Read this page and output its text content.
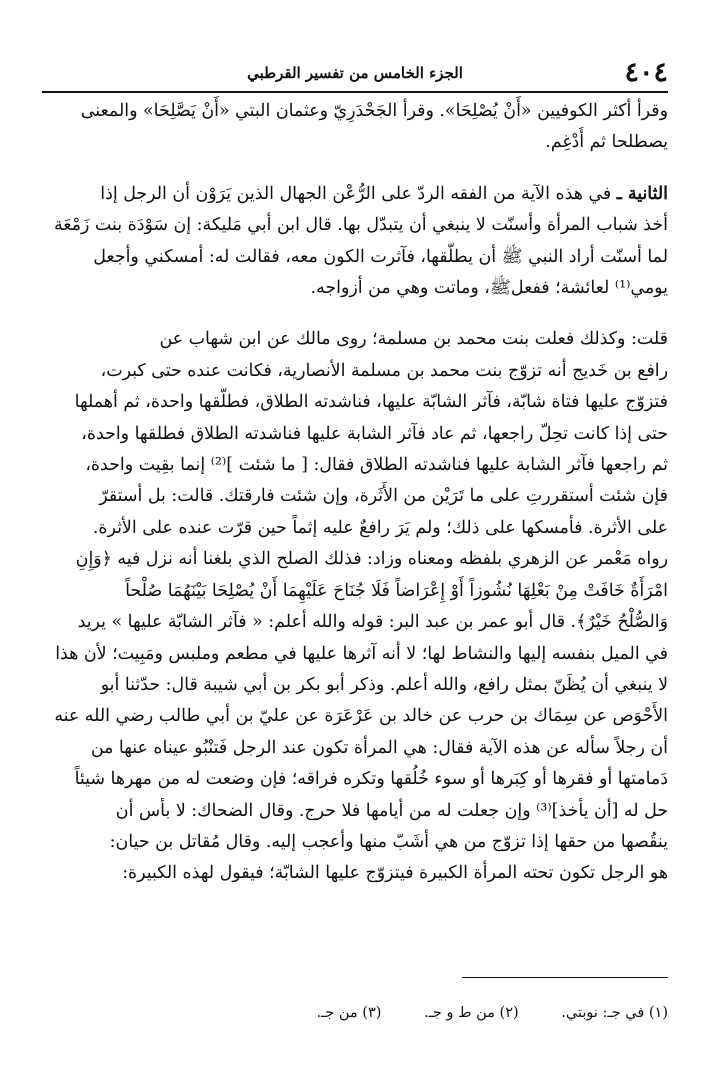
٤٠٤
الجزء الخامس من تفسير القرطبي
وقرأ أكثر الكوفيين «أَنْ يُصْلِحَا». وقرأ الجَحْدَرِيّ وعثمان البتي «أَنْ يَصَّلِحَا» والمعنى
يصطلحا ثم أُدْغِم.
الثانية ـ في هذه الآية من الفقه الردّ على الرُّعْن الجهال الذين يَرَوْن أن الرجل إذا
أخذ شباب المرأة وأسنّت لا ينبغي أن يتبدّل بها. قال ابن أبي مَليكة: إن سَوْدَة بنت زَمْعَة
لما أسنّت أراد النبي ﷺ أن يطلّقها، فآثرت الكون معه، فقالت له: أمسكني وأجعل
يومي⁽¹⁾ لعائشة؛ ففعلﷺ، وماتت وهي من أزواجه.
قلت: وكذلك فعلت بنت محمد بن مسلمة؛ روى مالك عن ابن شهاب عن
رافع بن خَديج أنه تزوّج بنت محمد بن مسلمة الأنصارية، فكانت عنده حتى كبرت،
فتزوّج عليها فتاة شابّة، فآثر الشابّة عليها، فناشدته الطلاق، فطلّقها واحدة، ثم أهملها
حتى إذا كانت تحِلّ راجعها، ثم عاد فآثر الشابة عليها فناشدته الطلاق فطلقها واحدة،
ثم راجعها فآثر الشابة عليها فناشدته الطلاق فقال: [ ما شئت ]⁽²⁾ إنما بقِيت واحدة،
فإن شئت أستقررتِ على ما تَرَيْن من الأَثَرة، وإن شئت فارقتك. قالت: بل أستقرّ
على الأثرة. فأمسكها على ذلك؛ ولم يَرَ رافعٌ عليه إثماً حين قرّت عنده على الأثرة.
رواه مَعْمر عن الزهري بلفظه ومعناه وزاد: فذلك الصلح الذي بلغنا أنه نزل فيه ﴿وَإِنِ
امْرَأَةٌ خَافَتْ مِنْ بَعْلِهَا نُشُوزاً أَوْ إِعْرَاضاً فَلَا جُنَاحَ عَلَيْهِمَا أَنْ يُصْلِحَا بَيْنَهُمَا صُلْحاً
وَالصُّلْحُ خَيْرٌ﴾. قال أبو عمر بن عبد البر: قوله والله أعلم: « فآثر الشابّة عليها » يريد
في الميل بنفسه إليها والنشاط لها؛ لا أنه آثرها عليها في مطعم وملبس ومَبِيت؛ لأن هذا
لا ينبغي أن يُظَنّ بمثل رافع، والله أعلم. وذكر أبو بكر بن أبي شيبة قال: حدّثنا أبو
الأَحْوَص عن سِمَاك بن حرب عن خالد بن عَرْعَرَة عن عليّ بن أبي طالب رضي الله عنه
أن رجلاً سأله عن هذه الآية فقال: هي المرأة تكون عند الرجل فَتنْبُو عيناه عنها من
دَمامتها أو فقرها أو كِبَرها أو سوء خُلُقها وتكره فراقه؛ فإن وضعت له من مهرها شيئاً
حل له [أن يأخذ]⁽³⁾ وإن جعلت له من أيامها فلا حرج. وقال الضحاك: لا بأس أن
ينقُصها من حقها إذا تزوّج من هي أشَبّ منها وأعجب إليه. وقال مُقاتل بن حيان:
هو الرجل تكون تحته المرأة الكبيرة فيتزوّج عليها الشابّة؛ فيقول لهذه الكبيرة:
(١) في جـ: نوبتي. (٢) من ط و جـ. (٣) من جـ.
